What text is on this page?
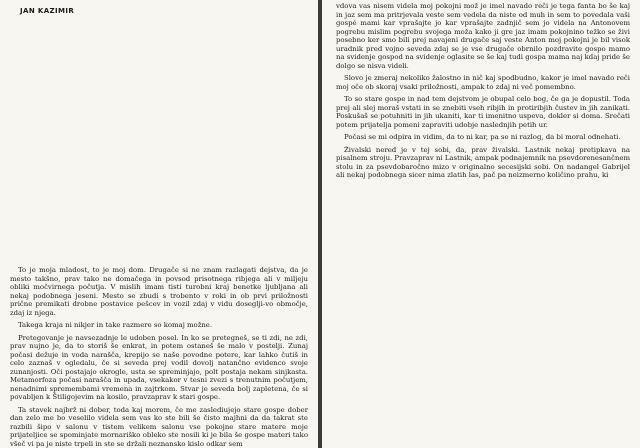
JAN KAZIMIR

To je moja mladost, to je moj dom. Drugače si ne znam razlagati dejstva, da je mesto takšno, prav tako ne domačega in povsod prisotnega ribjega ali v miljeju obliki močvirnega počutja. V mislih imam tisti turobni kraj benetke ljubljana ali nekaj podobnega jeseni. Mesto se zbudi s trobento v roki in ob prvi priložnosti prične premikati drobne postavice pešcev in vozil zdaj v vidu doseglji-vo območje, zdaj iz njega.

Takega kraja ni nikjer in take razmere so komaj možne.

Pretegovanje je navsezadnje le udoben posel. In ko se pretegneš, se ti zdi, ne zdi, prav nujno je, da to storiš še enkrat, in potem ostaneš še malo v postelji. Zunaj počasi dežuje in voda narašča, krepijo se naše povodne potere, kar lahko čutiš in celo zaznaš v ogledalu, če si seveda prej vodil dovolj natančno evidenco svoje zunanjosti. Oči postajajo okrogle, usta se spreminjajo, polt postaja nekam sinjkasta. Metamorfoza počasi narašča in upada, vsekakor v tesni zvezi s trenutnim počutjem, nenadnimi spremembami vremena in zajtrkom. Stvar je seveda bolj zapletena, če si povabljen k Štiligojevim na kosilo, pravzaprav k stari gospe.

Ta stavek najbrž ni dober, toda kaj morem, če me zaslediujejo stare gospe dober dan zelo me bo veselilo videla sem vas ko ste bili še čisto majhni da da takrat ste razbili šipo v salonu v tistem velikem salonu vse pokojne stare matere moje prijateljice se spominjate mornariško obleko ste nosili ki je bila še gospe materi tako všeč vi pa je niste trpeli in ste se držali neznansko kislo odkar sem

vdova vas nisem videla moj pokojni mož je imel navado reči je tega fanta bo še kaj in jaz sem ma pritrjevala veste sem vedela da niste od muh in sem to povedala vaši gospé mami kar vprašajte jo kar vprašajte zadnjič sem jo videla na Antonovem pogrebu mislim pogrebu svojega moža kako ji gre jaz imam pokojnino težko se živi posebno ker smo bili prej navajeni drugače saj veste Anton moj pokojni je bil visok uradnik pred vojno seveda zdaj se je vse drugače obrnilo pozdravite gospo mamo na svidenje gospod na svidenje oglasite se še kaj tudi gospa mama naj kdaj pride še dolgo se nisva videli.

Slovo je zmeraj nekoliko žalostno in nič kaj spodbudno, kakor je imel navado reči moj oče ob skoraj vsaki priložnosti, ampak to zdaj ni več pomembno.

To so stare gospe in nad tem dejstvom je obupal celo bog, če ga je dopustil. Toda prej ali slej moraš vstati in se znebiti vseh ribjih in protiribjih čustev in jih zanikati. Poskušaš se potuhniti in jih ukaniti, kar ti imenitno uspeva, dokler si doma. Srečati potem prijatelja pomeni zapraviti udobje naslednjih petih ur.

Počasi se mi odpira in vidim, da to ni kar, pa se ni razlog, da bi moral odnehati.

Živalski nered je v tej sobi, da, prav živalski. Lastnik nekaj pretipkava na pisalnem stroju. Pravzaprav ni Lastnik, ampak podnajemnik na psevdorenesančnem stolu in za psevdobaročno mizo v originalno secesijski sobi. On nadangel Gabrijel ali nekaj podobnega sicer nima zlatih las, pač pa neizmerno količino prahu, ki
